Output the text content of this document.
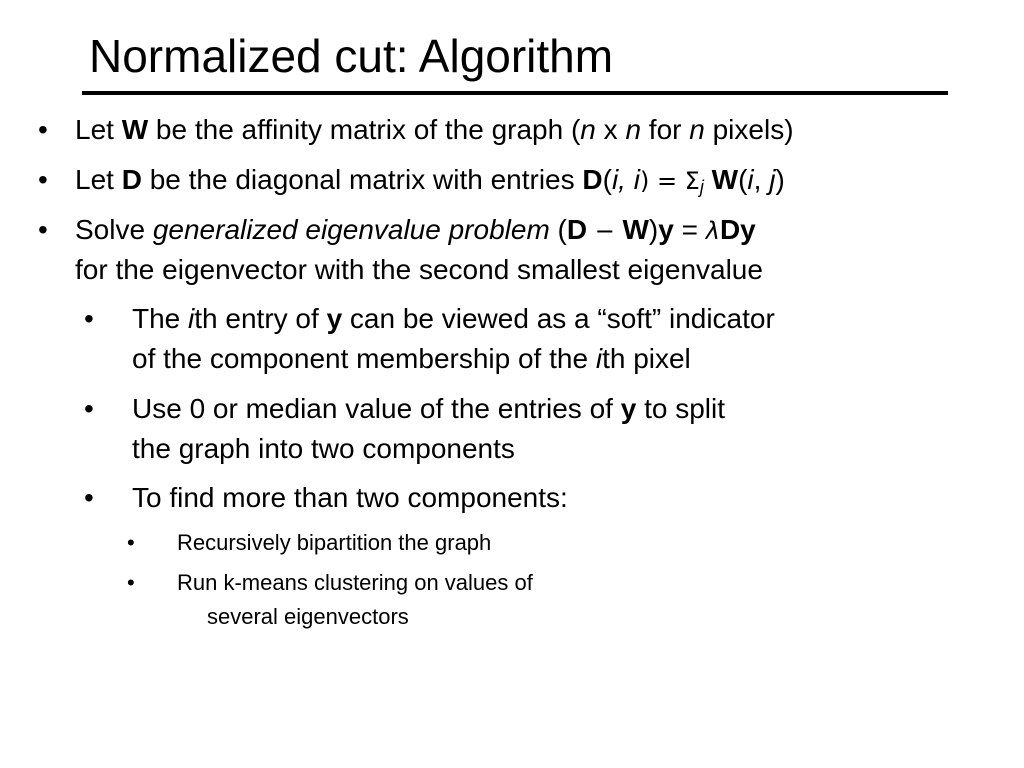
Normalized cut: Algorithm
• Let W be the affinity matrix of the graph (n x n for n pixels)
• Let D be the diagonal matrix with entries D(i, $i) = \Sigma_j$ W(i, j)
• Solve generalized eigenvalue problem (D − W)y = λDy
for the eigenvector with the second smallest eigenvalue
• The ith entry of y can be viewed as a “soft” indicator
of the component membership of the ith pixel
• Use 0 or median value of the entries of y to split
the graph into two components
• To find more than two components:
• Recursively bipartition the graph
• Run k-means clustering on values of
several eigenvectors
